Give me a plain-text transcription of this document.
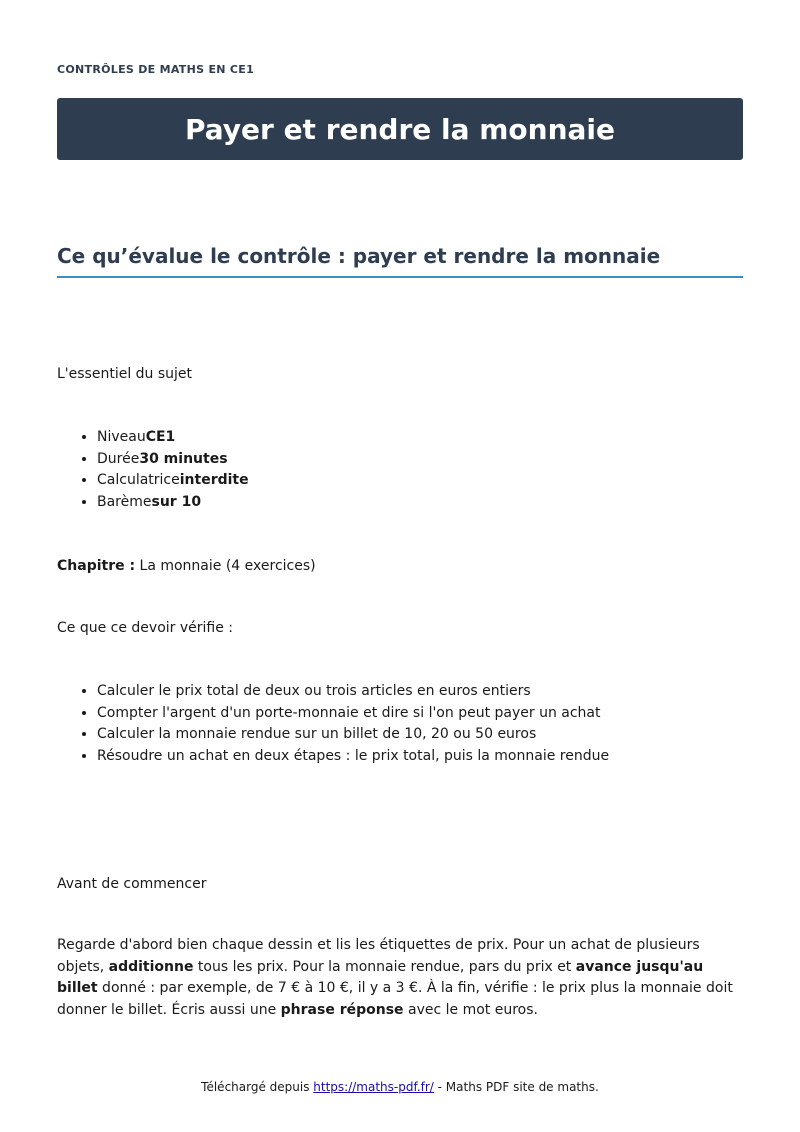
CONTRÔLES DE MATHS EN CE1
Payer et rendre la monnaie
Ce qu’évalue le contrôle : payer et rendre la monnaie

L'essentiel du sujet

• NiveauCE1
• Durée30 minutes
• Calculatriceinterdite
• Barèmesur 10

Chapitre : La monnaie (4 exercices)

Ce que ce devoir vérifie :

• Calculer le prix total de deux ou trois articles en euros entiers
• Compter l'argent d'un porte-monnaie et dire si l'on peut payer un achat
• Calculer la monnaie rendue sur un billet de 10, 20 ou 50 euros
• Résoudre un achat en deux étapes : le prix total, puis la monnaie rendue

Avant de commencer

Regarde d'abord bien chaque dessin et lis les étiquettes de prix. Pour un achat de plusieurs objets, additionne tous les prix. Pour la monnaie rendue, pars du prix et avance jusqu'au billet donné : par exemple, de 7 € à 10 €, il y a 3 €. À la fin, vérifie : le prix plus la monnaie doit donner le billet. Écris aussi une phrase réponse avec le mot euros.

Téléchargé depuis https://maths-pdf.fr/ - Maths PDF site de maths.
